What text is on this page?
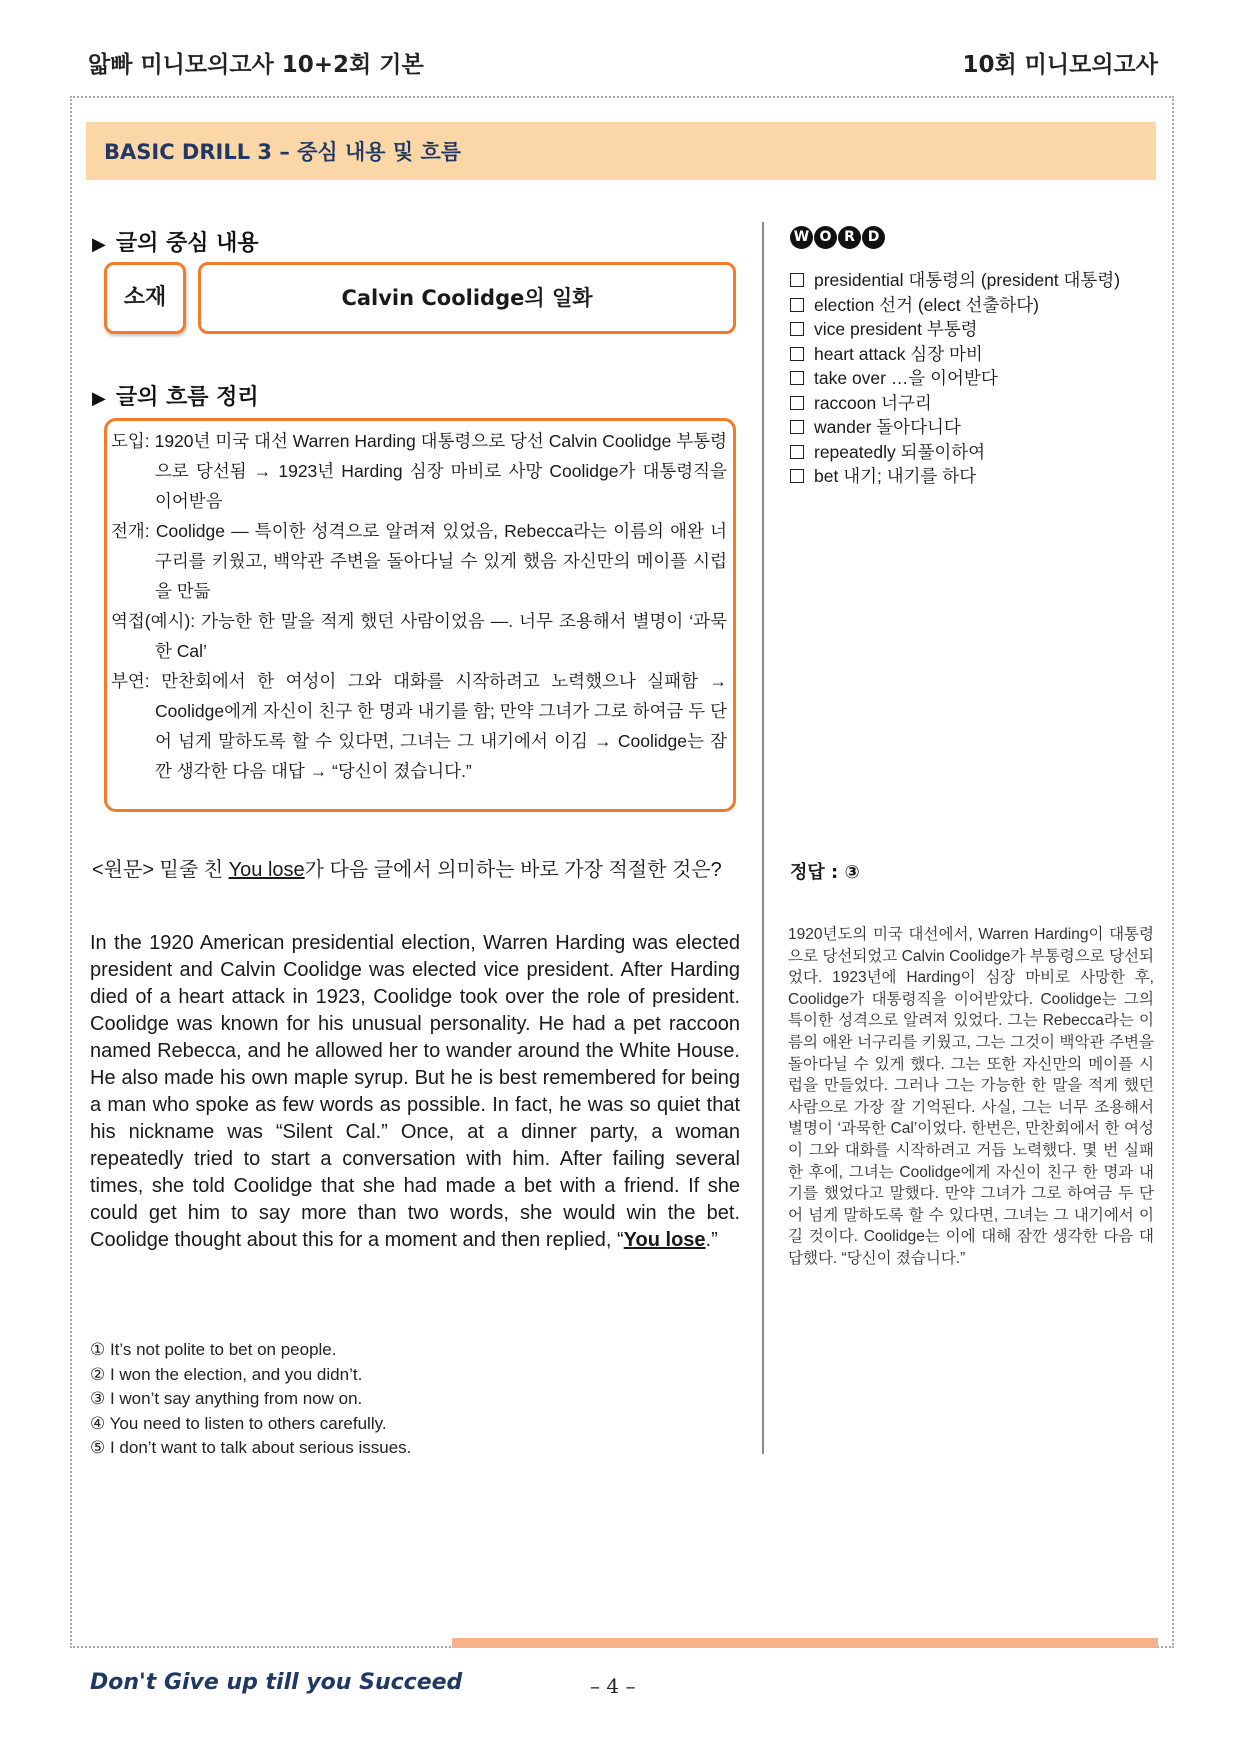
앏빠 미니모의고사 10+2회 기본	10회 미니모의고사
BASIC DRILL 3 – 중심 내용 및 흐름
▶ 글의 중심 내용
소재	Calvin Coolidge의 일화
▶ 글의 흐름 정리
도입: 1920년 미국 대선 Warren Harding 대통령으로 당선 Calvin Coolidge 부통령으로 당선됨 → 1923년 Harding 심장 마비로 사망 Coolidge가 대통령직을 이어받음
전개: Coolidge — 특이한 성격으로 알려져 있었음, Rebecca라는 이름의 애완 너구리를 키웠고, 백악관 주변을 돌아다닐 수 있게 했음 자신만의 메이플 시럽을 만듦
역접(예시): 가능한 한 말을 적게 했던 사람이었음 —. 너무 조용해서 별명이 ‘과묵한 Cal’
부연: 만찬회에서 한 여성이 그와 대화를 시작하려고 노력했으나 실패함 → Coolidge에게 자신이 친구 한 명과 내기를 함; 만약 그녀가 그로 하여금 두 단어 넘게 말하도록 할 수 있다면, 그녀는 그 내기에서 이김 → Coolidge는 잠깐 생각한 다음 대답 → “당신이 졌습니다.”
<원문> 밑줄 친 You lose가 다음 글에서 의미하는 바로 가장 적절한 것은?
In the 1920 American presidential election, Warren Harding was elected president and Calvin Coolidge was elected vice president. After Harding died of a heart attack in 1923, Coolidge took over the role of president. Coolidge was known for his unusual personality. He had a pet raccoon named Rebecca, and he allowed her to wander around the White House. He also made his own maple syrup. But he is best remembered for being a man who spoke as few words as possible. In fact, he was so quiet that his nickname was “Silent Cal.” Once, at a dinner party, a woman repeatedly tried to start a conversation with him. After failing several times, she told Coolidge that she had made a bet with a friend. If she could get him to say more than two words, she would win the bet. Coolidge thought about this for a moment and then replied, “You lose.”
① It’s not polite to bet on people.
② I won the election, and you didn’t.
③ I won’t say anything from now on.
④ You need to listen to others carefully.
⑤ I don’t want to talk about serious issues.
W O R D
presidential 대통령의 (president 대통령)
election 선거 (elect 선출하다)
vice president 부통령
heart attack 심장 마비
take over …을 이어받다
raccoon 너구리
wander 돌아다니다
repeatedly 되풀이하여
bet 내기; 내기를 하다
정답 : ③
1920년도의 미국 대선에서, Warren Harding이 대통령으로 당선되었고 Calvin Coolidge가 부통령으로 당선되었다. 1923년에 Harding이 심장 마비로 사망한 후, Coolidge가 대통령직을 이어받았다. Coolidge는 그의 특이한 성격으로 알려져 있었다. 그는 Rebecca라는 이름의 애완 너구리를 키웠고, 그는 그것이 백악관 주변을 돌아다닐 수 있게 했다. 그는 또한 자신만의 메이플 시럽을 만들었다. 그러나 그는 가능한 한 말을 적게 했던 사람으로 가장 잘 기억된다. 사실, 그는 너무 조용해서 별명이 ‘과묵한 Cal’이었다. 한번은, 만찬회에서 한 여성이 그와 대화를 시작하려고 거듭 노력했다. 몇 번 실패한 후에, 그녀는 Coolidge에게 자신이 친구 한 명과 내기를 했었다고 말했다. 만약 그녀가 그로 하여금 두 단어 넘게 말하도록 할 수 있다면, 그녀는 그 내기에서 이길 것이다. Coolidge는 이에 대해 잠깐 생각한 다음 대답했다. “당신이 졌습니다.”
Don't Give up till you Succeed	– 4 –
